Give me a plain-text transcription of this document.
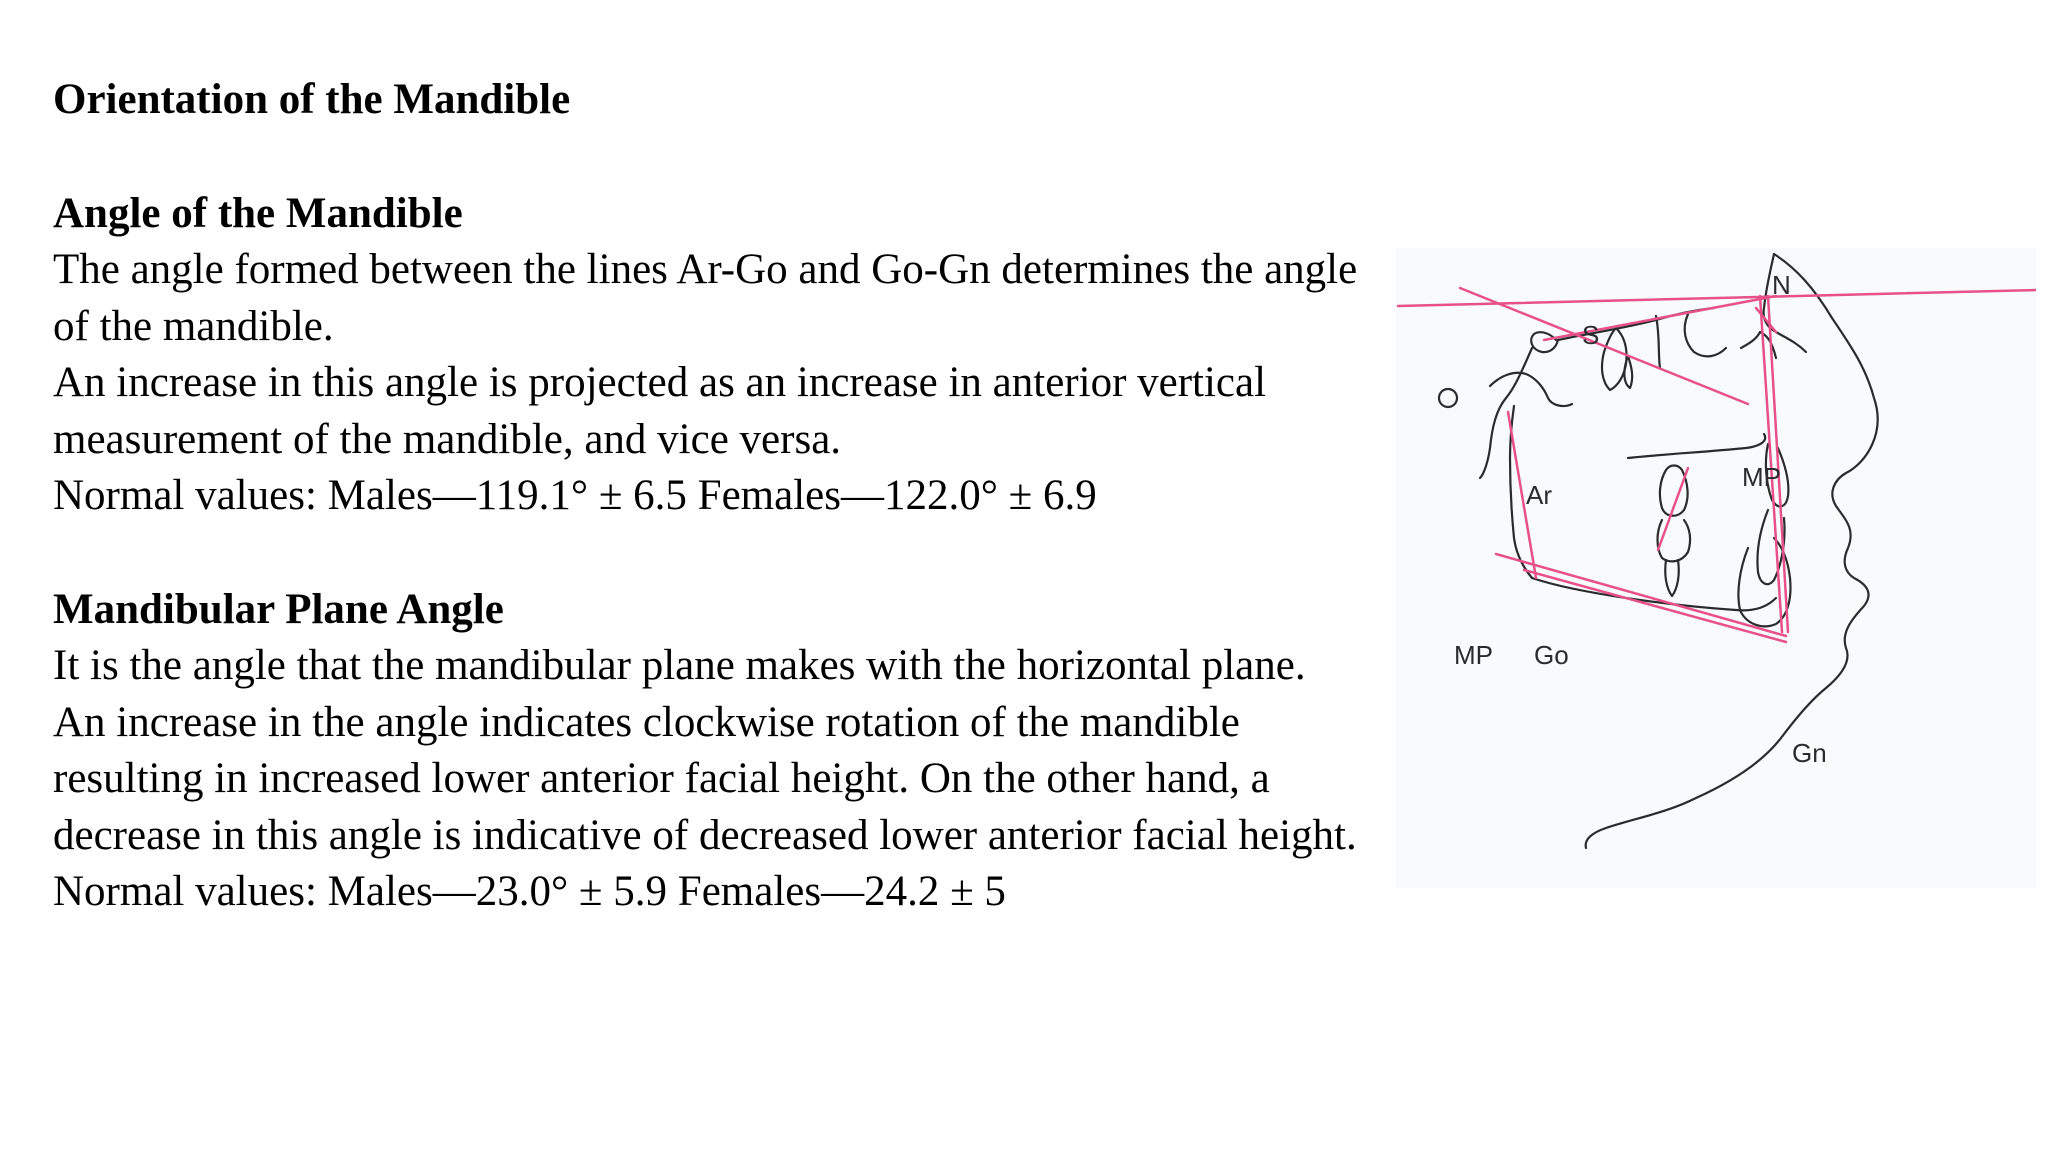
Orientation of the Mandible
Angle of the Mandible

The angle formed between the lines Ar-Go and Go-Gn determines the angle of the mandible.

An increase in this angle is projected as an increase in anterior vertical measurement of the mandible, and vice versa.

Normal values: Males—119.1° ± 6.5 Females—122.0° ± 6.9

Mandibular Plane Angle

It is the angle that the mandibular plane makes with the horizontal plane.

An increase in the angle indicates clockwise rotation of the mandible resulting in increased lower anterior facial height. On the other hand, a decrease in this angle is indicative of decreased lower anterior facial height.

Normal values: Males—23.0° ± 5.9 Females—24.2 ± 5

N
S
MP
Ar
MP Go
Gn
